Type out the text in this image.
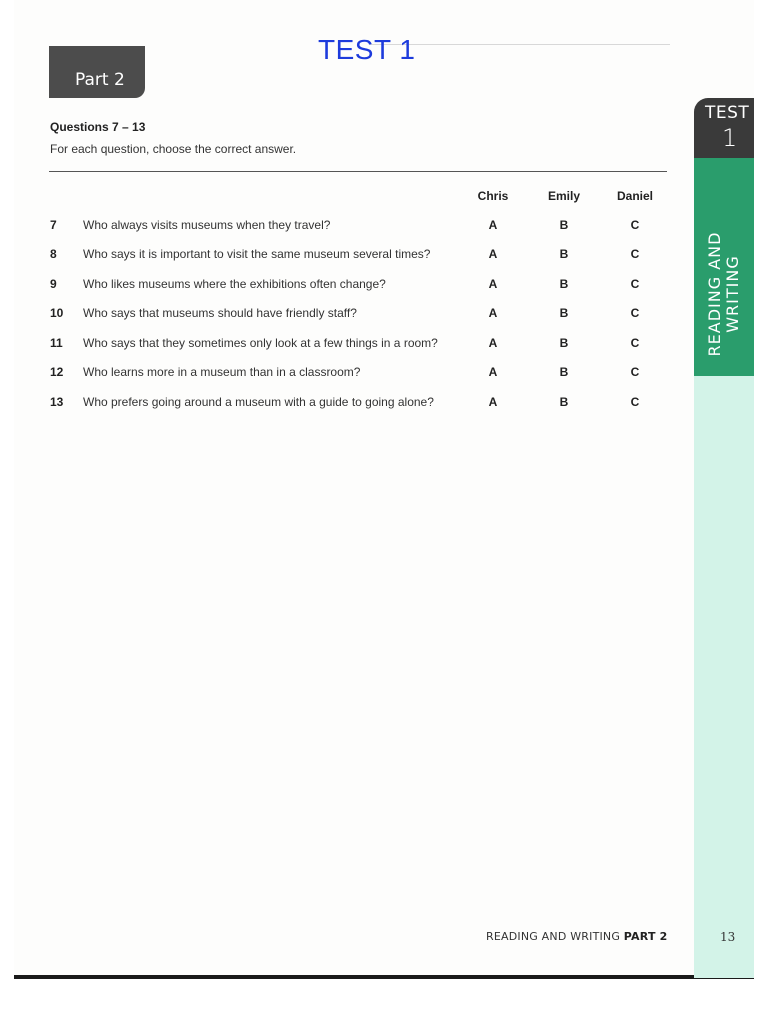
TEST 1
Part 2
TEST
1
READING AND WRITING
Questions 7 – 13
For each question, choose the correct answer.
Chris	Emily	Daniel
7 Who always visits museums when they travel?	A	B	C
8 Who says it is important to visit the same museum several times?	A	B	C
9 Who likes museums where the exhibitions often change?	A	B	C
10 Who says that museums should have friendly staff?	A	B	C
11 Who says that they sometimes only look at a few things in a room?	A	B	C
12 Who learns more in a museum than in a classroom?	A	B	C
13 Who prefers going around a museum with a guide to going alone?	A	B	C
READING AND WRITING PART 2	13
